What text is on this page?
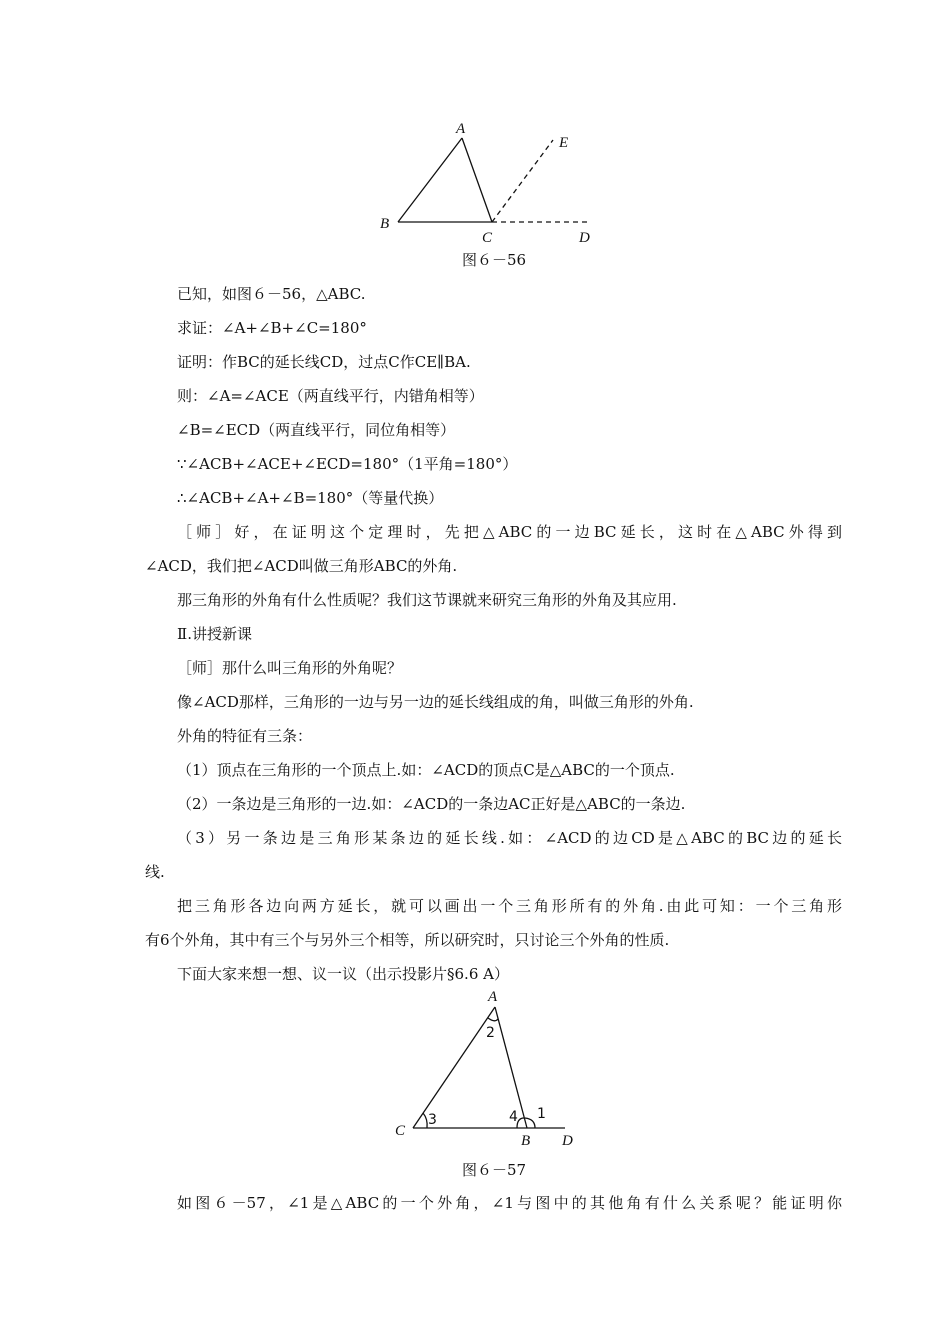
A
B
C	D
E
图６－56
已知，如图６－56，△ABC.
求证：∠A+∠B+∠C=180°
证明：作BC的延长线CD，过点C作CE∥BA.
则：∠A=∠ACE（两直线平行，内错角相等）
∠B=∠ECD（两直线平行，同位角相等）
∵∠ACB+∠ACE+∠ECD=180°（1平角=180°）
∴∠ACB+∠A+∠B=180°（等量代换）
［师］好，在证明这个定理时，先把△ABC的一边BC延长，这时在△ABC外得到
∠ACD，我们把∠ACD叫做三角形ABC的外角.
那三角形的外角有什么性质呢？我们这节课就来研究三角形的外角及其应用.
Ⅱ.讲授新课
［师］那什么叫三角形的外角呢？
像∠ACD那样，三角形的一边与另一边的延长线组成的角，叫做三角形的外角.
外角的特征有三条：
（1）顶点在三角形的一个顶点上.如：∠ACD的顶点C是△ABC的一个顶点.
（2）一条边是三角形的一边.如：∠ACD的一条边AC正好是△ABC的一条边.
（3）另一条边是三角形某条边的延长线.如：∠ACD的边CD是△ABC的BC边的延长
线.
把三角形各边向两方延长，就可以画出一个三角形所有的外角.由此可知：一个三角形
有6个外角，其中有三个与另外三个相等，所以研究时，只讨论三个外角的性质.
下面大家来想一想、议一议（出示投影片§6.6 A）
A
C
B D
2
3	4 1
图６－57
如图６－57，∠1是△ABC的一个外角，∠1与图中的其他角有什么关系呢？能证明你
